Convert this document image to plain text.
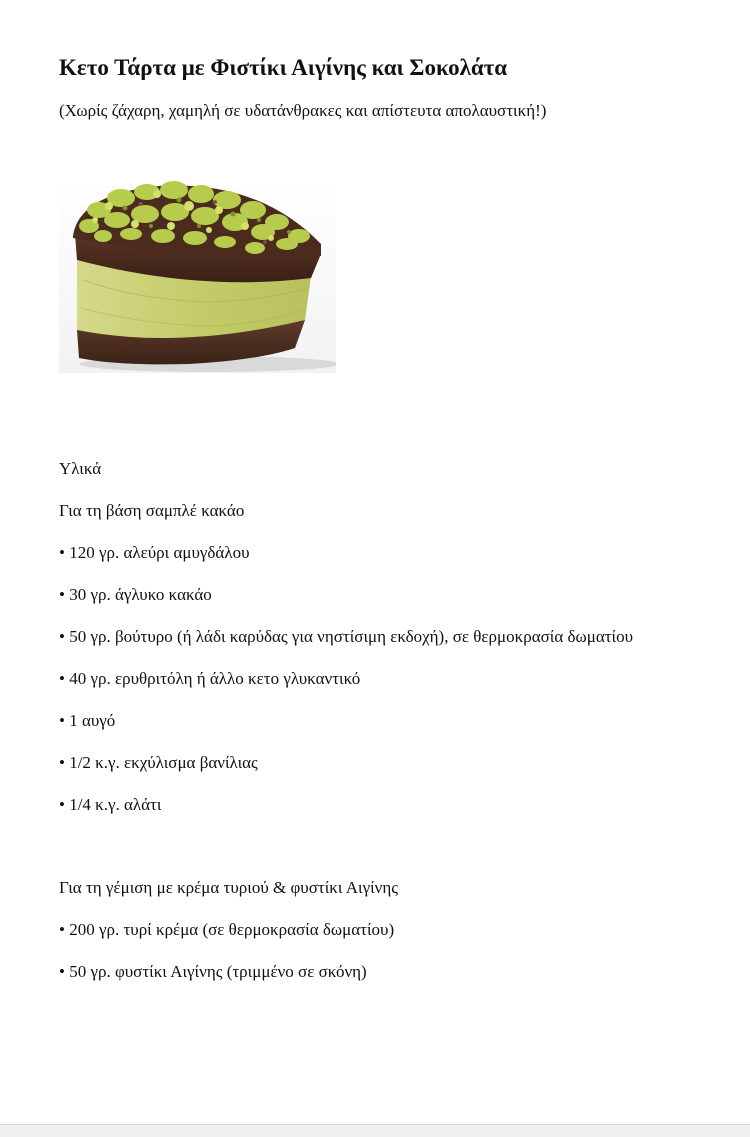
Κετο Τάρτα με Φιστίκι Αιγίνης και Σοκολάτα

(Χωρίς ζάχαρη, χαμηλή σε υδατάνθρακες και απίστευτα απολαυστική!)

Υλικά

Για τη βάση σαμπλέ κακάο

• 120 γρ. αλεύρι αμυγδάλου

• 30 γρ. άγλυκο κακάο

• 50 γρ. βούτυρο (ή λάδι καρύδας για νηστίσιμη εκδοχή), σε θερμοκρασία δωματίου

• 40 γρ. ερυθριτόλη ή άλλο κετο γλυκαντικό

• 1 αυγό

• 1/2 κ.γ. εκχύλισμα βανίλιας

• 1/4 κ.γ. αλάτι

Για τη γέμιση με κρέμα τυριού & φυστίκι Αιγίνης

• 200 γρ. τυρί κρέμα (σε θερμοκρασία δωματίου)

• 50 γρ. φυστίκι Αιγίνης (τριμμένο σε σκόνη)
